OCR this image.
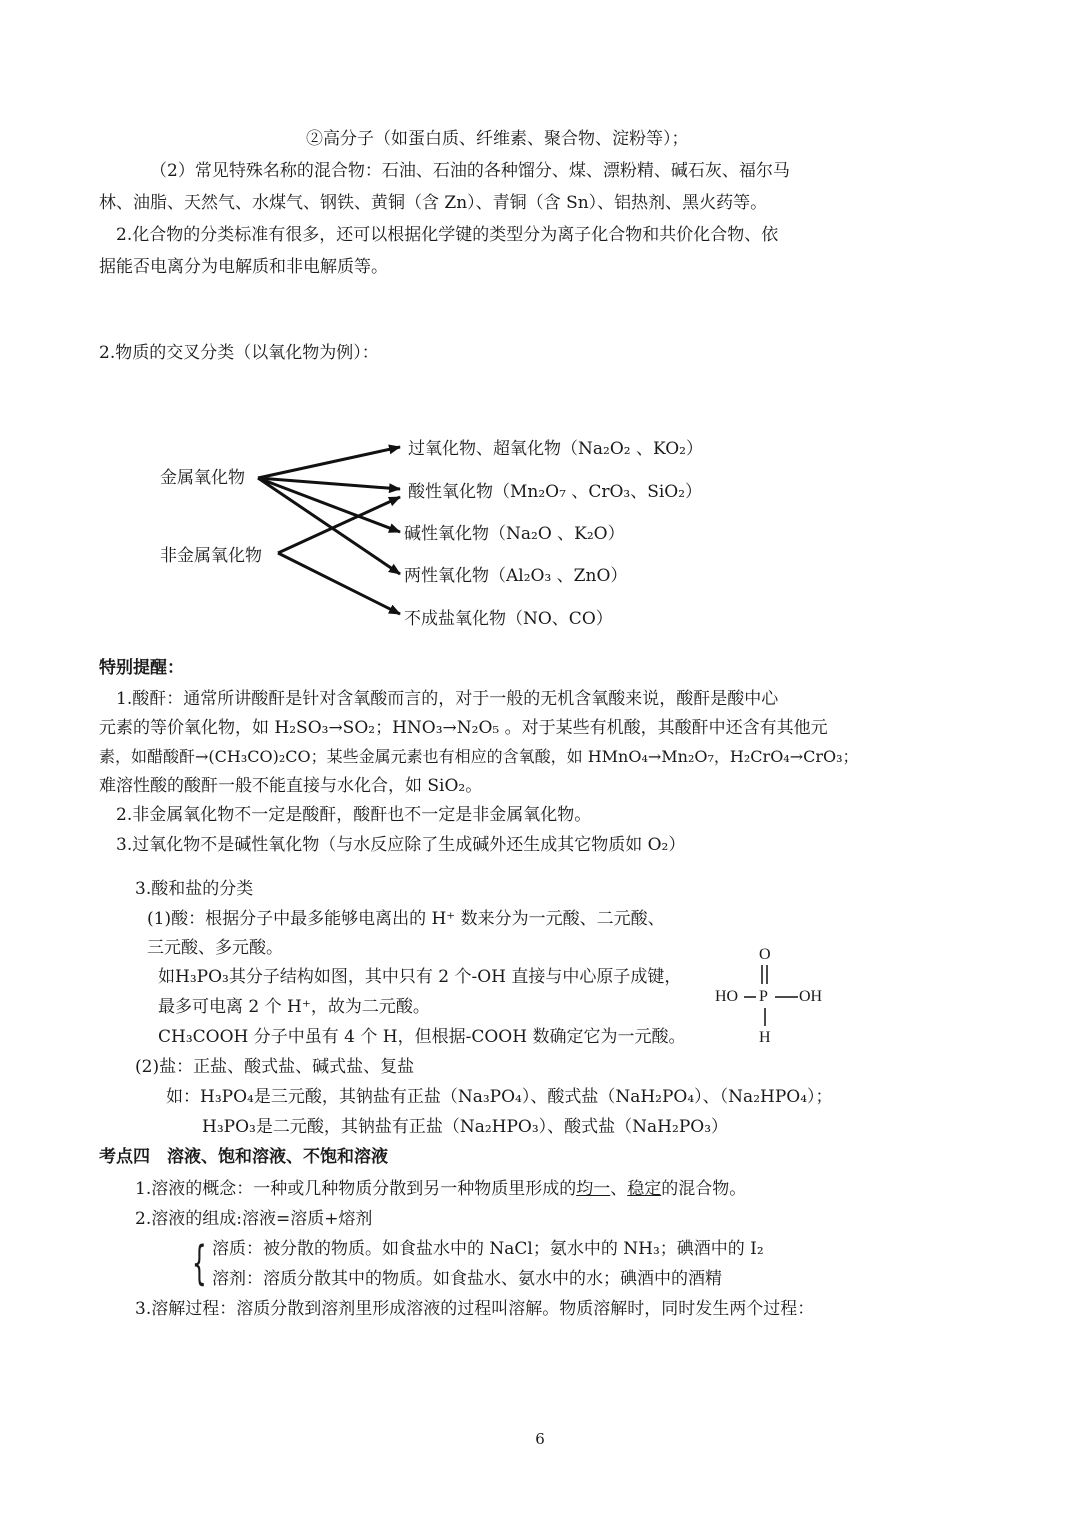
②高分子（如蛋白质、纤维素、聚合物、淀粉等）；
（2）常见特殊名称的混合物：石油、石油的各种馏分、煤、漂粉精、碱石灰、福尔马
林、油脂、天然气、水煤气、钢铁、黄铜（含 Zn）、青铜（含 Sn）、铝热剂、黑火药等。
2.化合物的分类标准有很多，还可以根据化学键的类型分为离子化合物和共价化合物、依
据能否电离分为电解质和非电解质等。
2.物质的交叉分类（以氧化物为例）：
金属氧化物
非金属氧化物
过氧化物、超氧化物（Na₂O₂ 、KO₂）
酸性氧化物（Mn₂O₇ 、CrO₃、SiO₂）
碱性氧化物（Na₂O 、K₂O）
两性氧化物（Al₂O₃ 、ZnO）
不成盐氧化物（NO、CO）
特别提醒：
1.酸酐：通常所讲酸酐是针对含氧酸而言的，对于一般的无机含氧酸来说，酸酐是酸中心
元素的等价氧化物，如 H₂SO₃→SO₂；HNO₃→N₂O₅ 。对于某些有机酸，其酸酐中还含有其他元
素，如醋酸酐→(CH₃CO)₂CO；某些金属元素也有相应的含氧酸，如 HMnO₄→Mn₂O₇，H₂CrO₄→CrO₃；
难溶性酸的酸酐一般不能直接与水化合，如 SiO₂。
2.非金属氧化物不一定是酸酐，酸酐也不一定是非金属氧化物。
3.过氧化物不是碱性氧化物（与水反应除了生成碱外还生成其它物质如 O₂）
3.酸和盐的分类
(1)酸：根据分子中最多能够电离出的 H⁺ 数来分为一元酸、二元酸、
三元酸、多元酸。
如H₃PO₃其分子结构如图，其中只有 2 个-OH 直接与中心原子成键，
最多可电离 2 个 H⁺，故为二元酸。
CH₃COOH 分子中虽有 4 个 H，但根据-COOH 数确定它为一元酸。
O
HO P OH
H
(2)盐：正盐、酸式盐、碱式盐、复盐
如：H₃PO₄是三元酸，其钠盐有正盐（Na₃PO₄）、酸式盐（NaH₂PO₄）、（Na₂HPO₄）；
H₃PO₃是二元酸，其钠盐有正盐（Na₂HPO₃）、酸式盐（NaH₂PO₃）
考点四　溶液、饱和溶液、不饱和溶液
1.溶液的概念：一种或几种物质分散到另一种物质里形成的均一、稳定的混合物。
2.溶液的组成:溶液=溶质+熔剂
{ 溶质：被分散的物质。如食盐水中的 NaCl；氨水中的 NH₃；碘酒中的 I₂
溶剂：溶质分散其中的物质。如食盐水、氨水中的水；碘酒中的酒精
3.溶解过程：溶质分散到溶剂里形成溶液的过程叫溶解。物质溶解时，同时发生两个过程：
6
